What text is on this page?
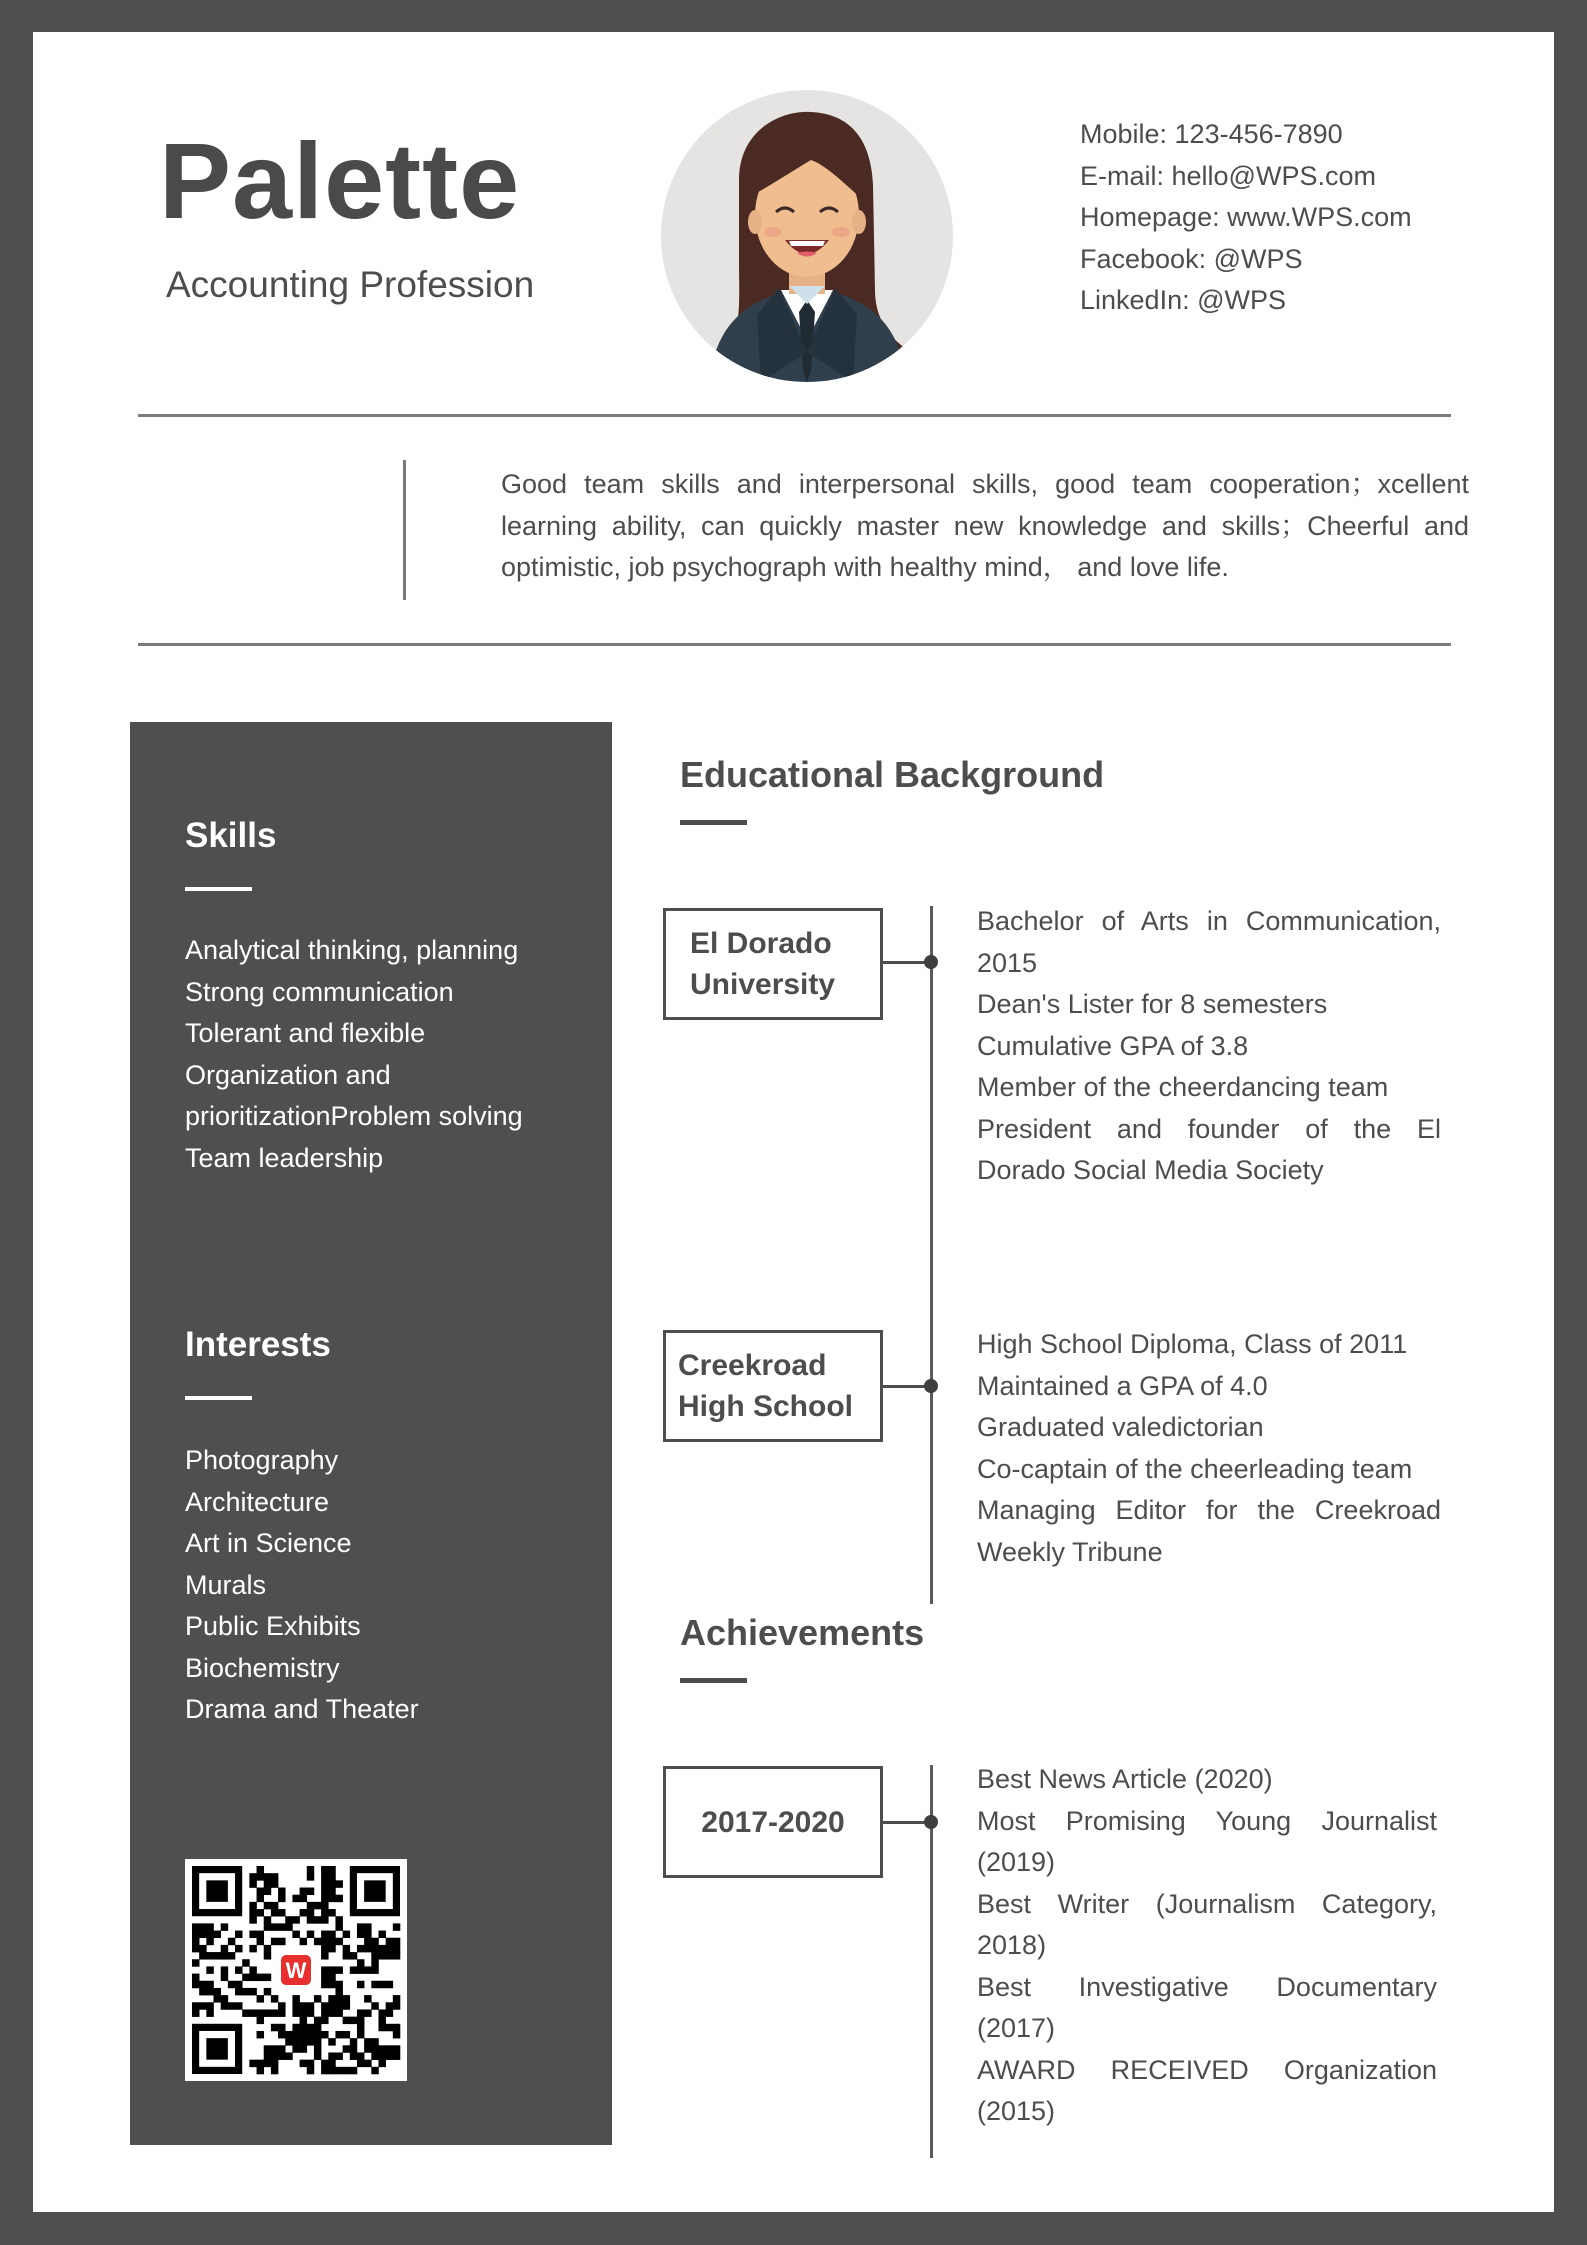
Palette
Accounting Profession
Mobile: 123-456-7890
E-mail: hello@WPS.com
Homepage: www.WPS.com
Facebook: @WPS
LinkedIn: @WPS
Good team skills and interpersonal skills, good team cooperation；xcellent learning ability, can quickly master new knowledge and skills；Cheerful and optimistic, job psychograph with healthy mind， and love life.
Skills
Analytical thinking, planning
Strong communication
Tolerant and flexible
Organization and
prioritizationProblem solving
Team leadership
Interests
Photography
Architecture
Art in Science
Murals
Public Exhibits
Biochemistry
Drama and Theater
W
Educational Background
El Dorado
University
Bachelor of Arts in Communication,
2015
Dean's Lister for 8 semesters
Cumulative GPA of 3.8
Member of the cheerdancing team
President and founder of the El
Dorado Social Media Society
Creekroad
High School
High School Diploma, Class of 2011
Maintained a GPA of 4.0
Graduated valedictorian
Co-captain of the cheerleading team
Managing Editor for the Creekroad
Weekly Tribune
Achievements
2017-2020
Best News Article (2020)
Most Promising Young Journalist
(2019)
Best Writer (Journalism Category,
2018)
Best Investigative Documentary
(2017)
AWARD RECEIVED Organization
(2015)
